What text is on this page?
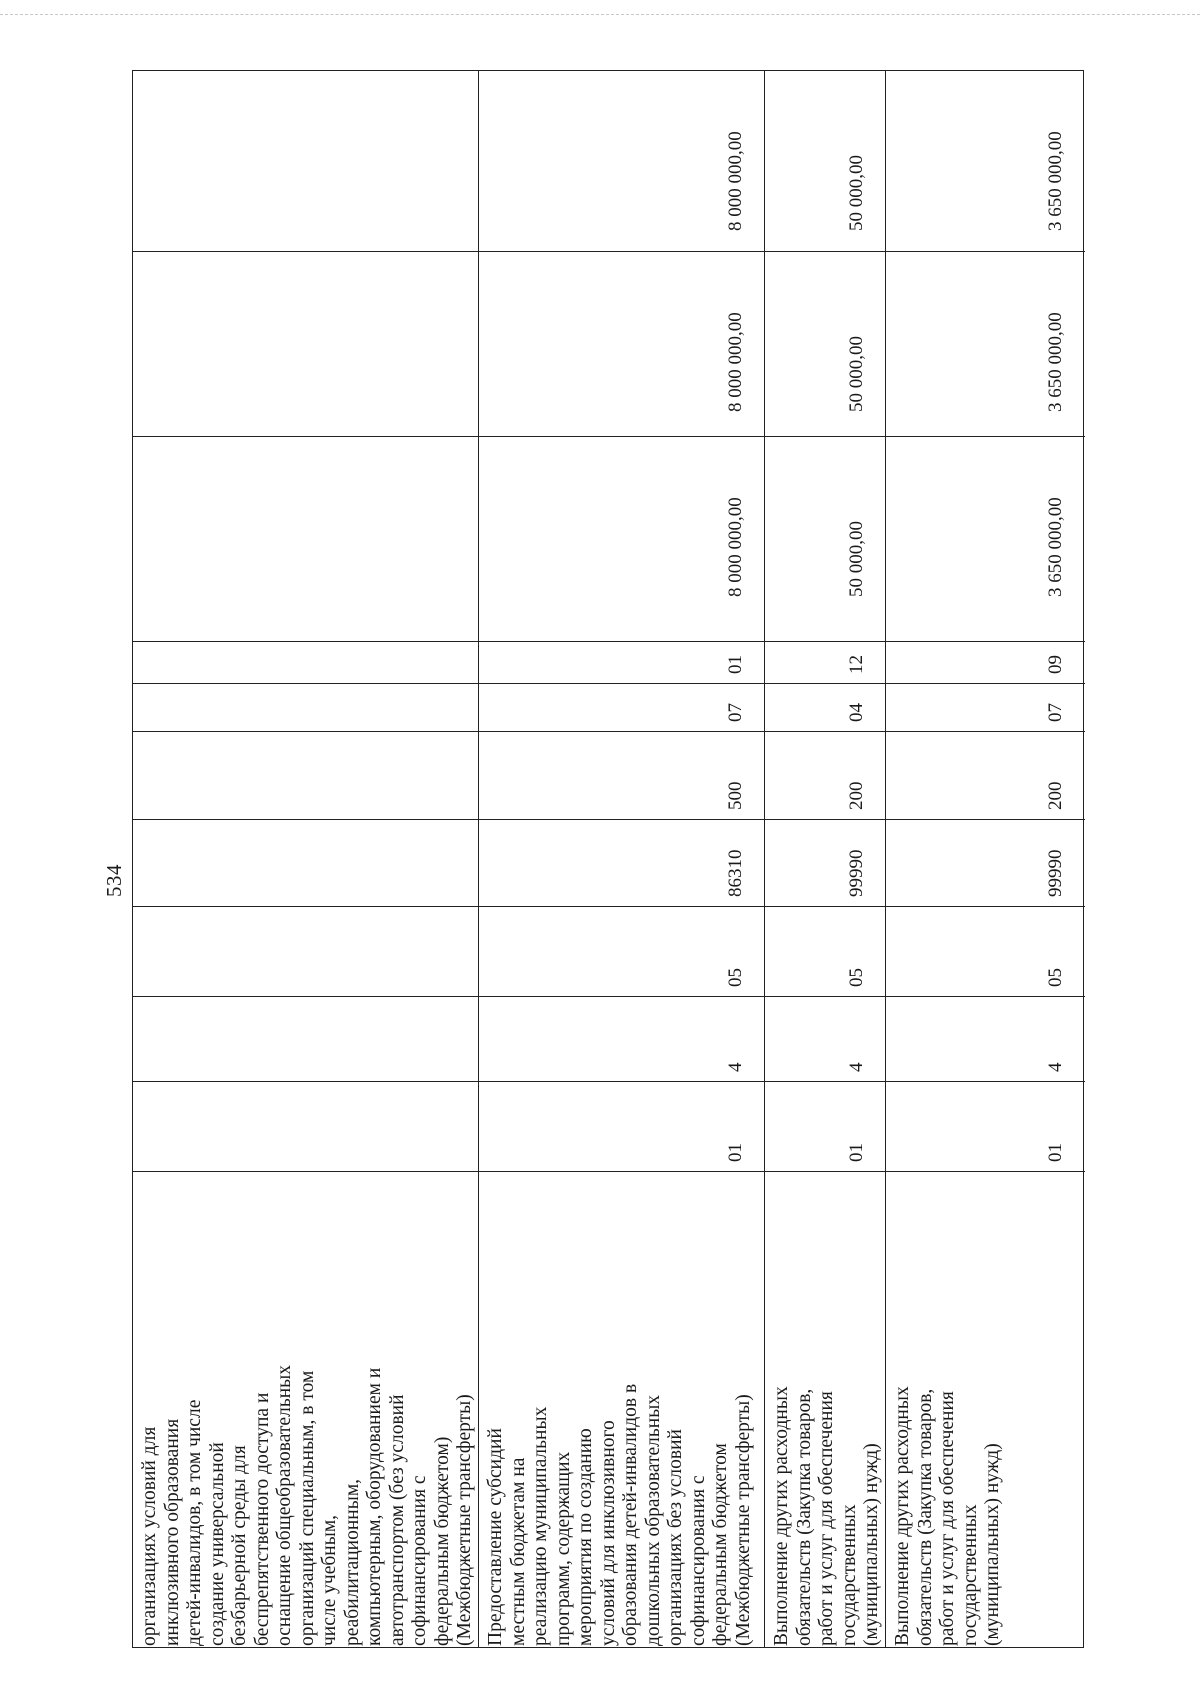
534
организациях условий для инклюзивного образования детей-инвалидов, в том числе создание универсальной безбарьерной среды для беспрепятственного доступа и оснащение общеобразовательных организаций специальным, в том числе учебным, реабилитационным, компьютерным, оборудованием и автотранспортом (без условий софинансирования с федеральным бюджетом) (Межбюджетные трансферты)
8 000 000,00
8 000 000,00
8 000 000,00
01
07
500
86310
05
4
01
Предоставление субсидий местным бюджетам на реализацию муниципальных программ, содержащих мероприятия по созданию условий для инклюзивного образования детей-инвалидов в дошкольных образовательных организациях без условий софинансирования с федеральным бюджетом (Межбюджетные трансферты)
50 000,00
50 000,00
50 000,00
12
04
200
99990
05
4
01
Выполнение других расходных обязательств (Закупка товаров, работ и услуг для обеспечения государственных (муниципальных) нужд)
3 650 000,00
3 650 000,00
3 650 000,00
09
07
200
99990
05
4
01
Выполнение других расходных обязательств (Закупка товаров, работ и услуг для обеспечения государственных (муниципальных) нужд)
